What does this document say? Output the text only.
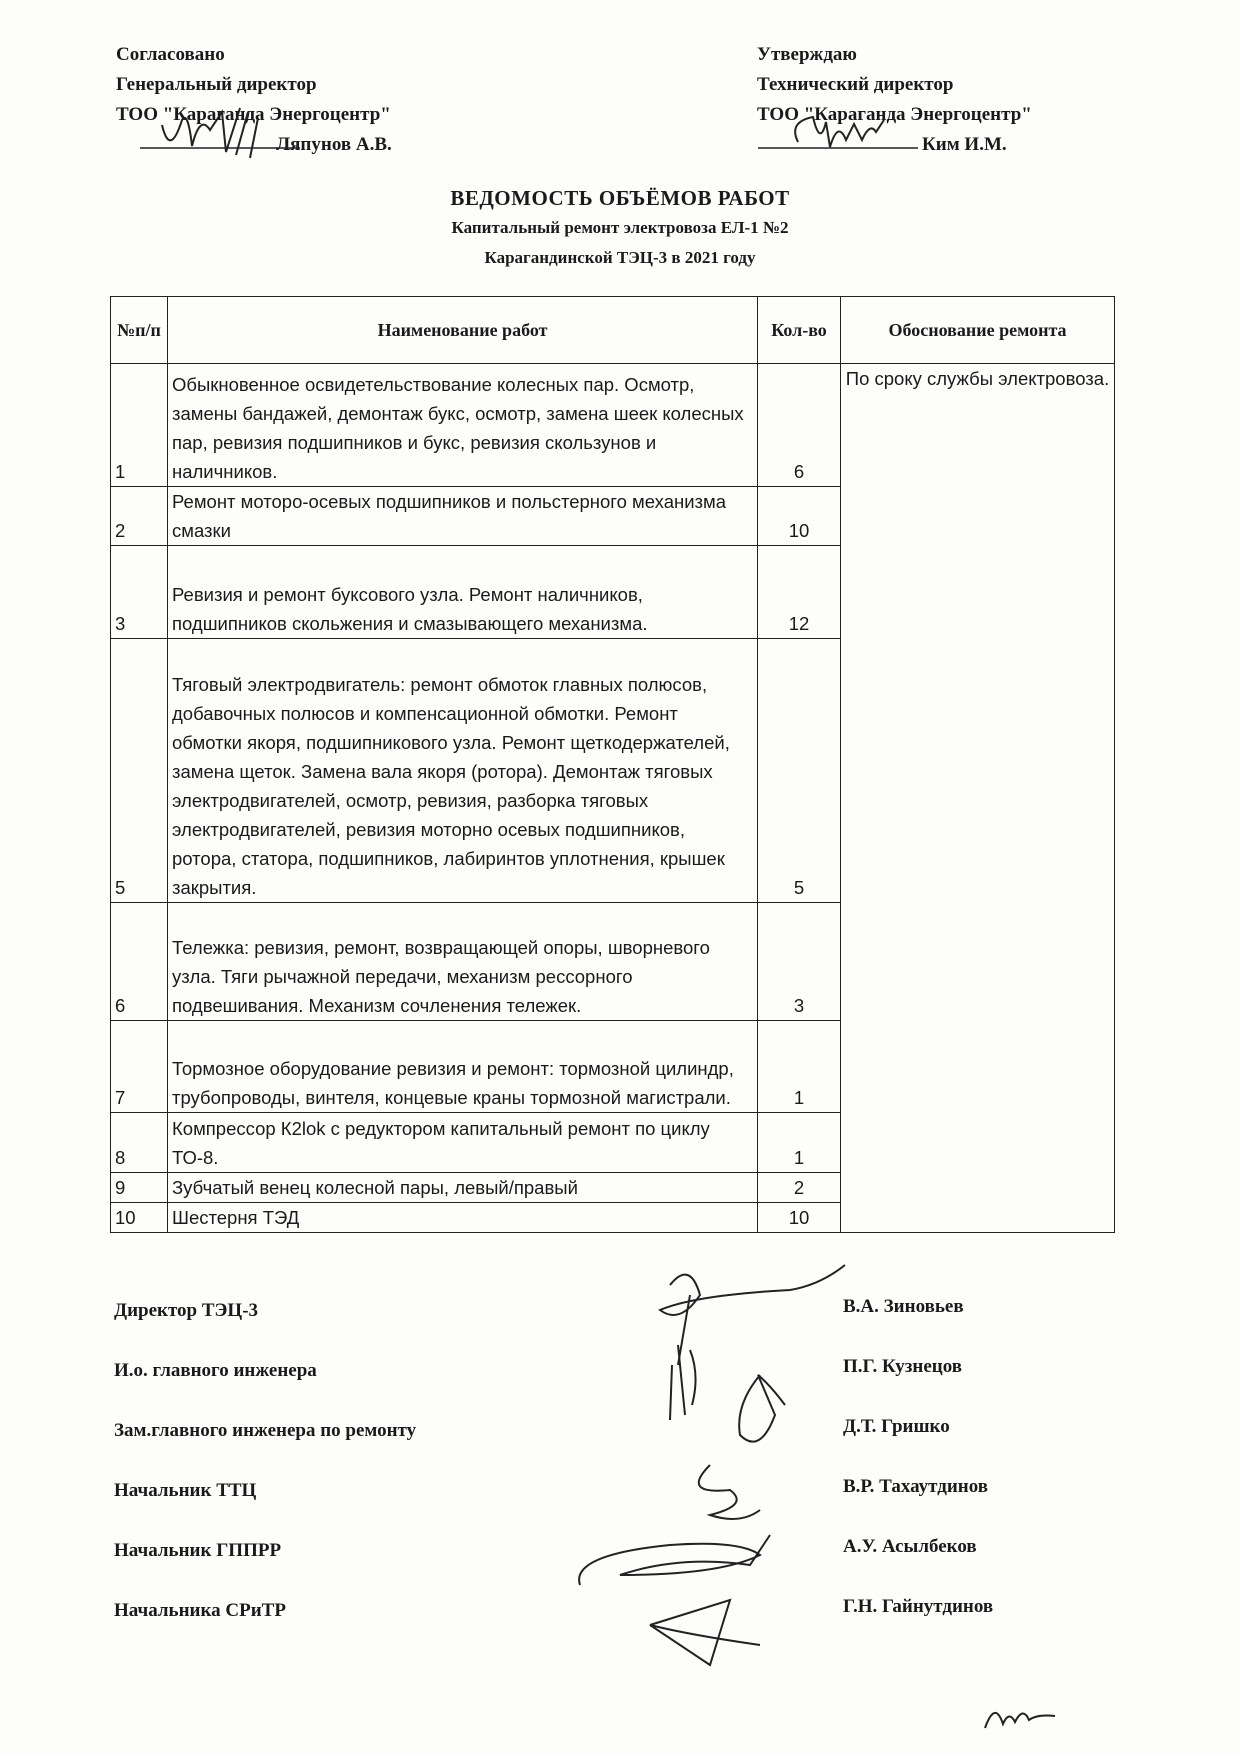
Согласовано
Генеральный директор
ТОО "Караганда Энергоцентр"
Ляпунов А.В.
Утверждаю
Технический директор
ТОО "Караганда Энергоцентр"
Ким И.М.
ВЕДОМОСТЬ ОБЪЁМОВ РАБОТ
Капитальный ремонт электровоза ЕЛ-1 №2
Карагандинской ТЭЦ-3 в 2021 году
№п/п	Наименование работ	Кол-во	Обоснование ремонта
1	Обыкновенное освидетельствование колесных пар. Осмотр, замены бандажей, демонтаж букс, осмотр, замена шеек колесных пар, ревизия подшипников и букс, ревизия скользунов и наличников.	6	По сроку службы электровоза.
2	Ремонт моторо-осевых подшипников и польстерного механизма смазки	10	
3	Ревизия и ремонт буксового узла. Ремонт наличников, подшипников скольжения и смазывающего механизма.	12	
5	Тяговый электродвигатель: ремонт обмоток главных полюсов, добавочных полюсов и компенсационной обмотки. Ремонт обмотки якоря, подшипникового узла. Ремонт щеткодержателей, замена щеток. Замена вала якоря (ротора). Демонтаж тяговых электродвигателей, осмотр, ревизия, разборка тяговых электродвигателей, ревизия моторно осевых подшипников, ротора, статора, подшипников, лабиринтов уплотнения, крышек закрытия.	5	
6	Тележка: ревизия, ремонт, возвращающей опоры, шворневого узла. Тяги рычажной передачи, механизм рессорного подвешивания. Механизм сочленения тележек.	3	
7	Тормозное оборудование ревизия и ремонт: тормозной цилиндр, трубопроводы, винтеля, концевые краны тормозной магистрали.	1	
8	Компрессор К2lok с редуктором капитальный ремонт по циклу ТО-8.	1	
9	Зубчатый венец колесной пары, левый/правый	2	
10	Шестерня ТЭД	10	
Директор ТЭЦ-3	В.А. Зиновьев
И.о. главного инженера	П.Г. Кузнецов
Зам.главного инженера по ремонту	Д.Т. Гришко
Начальник ТТЦ	В.Р. Тахаутдинов
Начальник ГППРР	А.У. Асылбеков
Начальника СРиТР	Г.Н. Гайнутдинов
